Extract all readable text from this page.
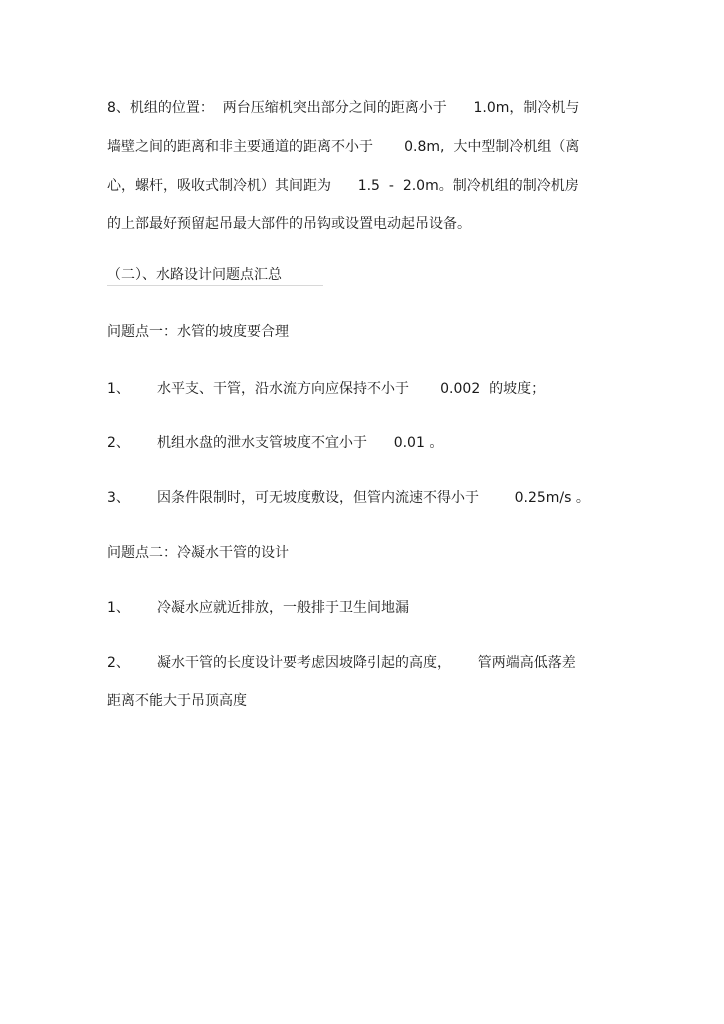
8、机组的位置：  两台压缩机突出部分之间的距离小于      1.0m，制冷机与
墙壁之间的距离和非主要通道的距离不小于       0.8m,  大中型制冷机组（离
心，螺杆，吸收式制冷机）其间距为      1.5  -  2.0m。制冷机组的制冷机房
的上部最好预留起吊最大部件的吊钩或设置电动起吊设备。
（二）、水路设计问题点汇总
问题点一：水管的坡度要合理
1、 水平支、干管，沿水流方向应保持不小于       0.002  的坡度；
2、 机组水盘的泄水支管坡度不宜小于      0.01 。
3、 因条件限制时，可无坡度敷设，但管内流速不得小于        0.25m/s 。
问题点二：冷凝水干管的设计
1、 冷凝水应就近排放，一般排于卫生间地漏
2、 凝水干管的长度设计要考虑因坡降引起的高度，      管两端高低落差
距离不能大于吊顶高度
